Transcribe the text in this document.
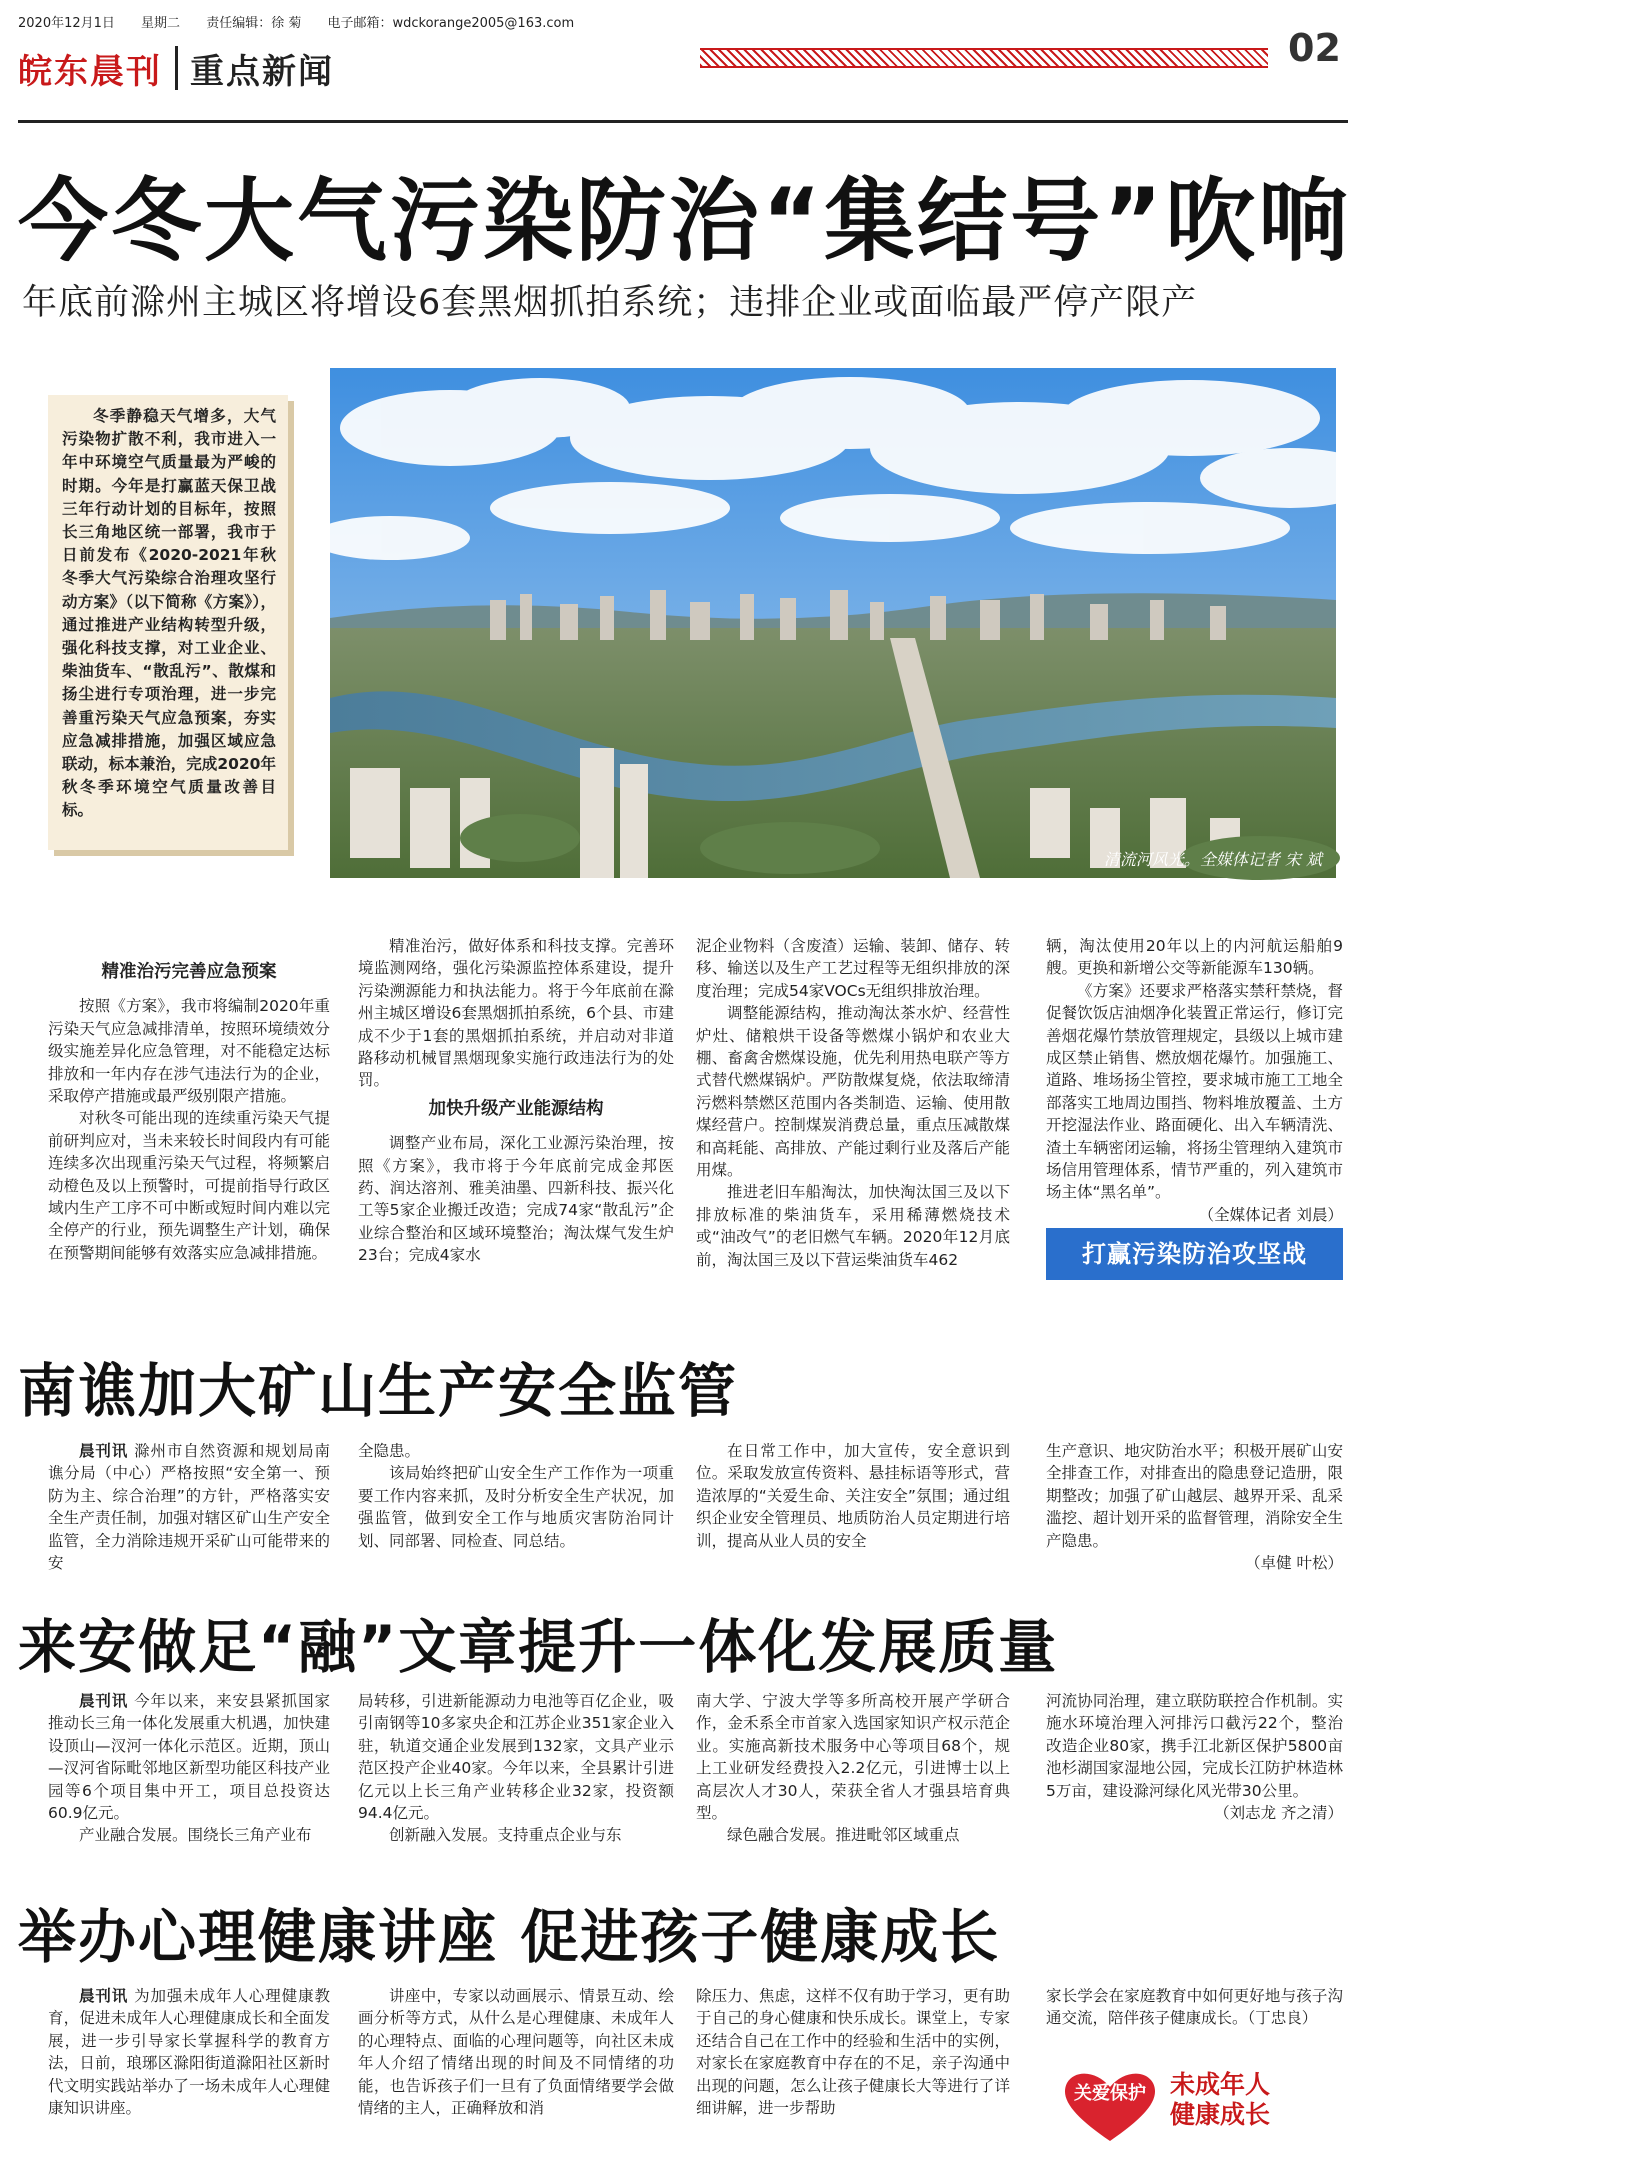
2020年12月1日 星期二 责任编辑：徐 菊 电子邮箱：wdckorange2005@163.com
皖东晨刊 重点新闻
02
今冬大气污染防治“集结号”吹响
年底前滁州主城区将增设6套黑烟抓拍系统；违排企业或面临最严停产限产
冬季静稳天气增多，大气污染物扩散不利，我市进入一年中环境空气质量最为严峻的时期。今年是打赢蓝天保卫战三年行动计划的目标年，按照长三角地区统一部署，我市于日前发布《2020-2021年秋冬季大气污染综合治理攻坚行动方案》（以下简称《方案》），通过推进产业结构转型升级，强化科技支撑，对工业企业、柴油货车、“散乱污”、散煤和扬尘进行专项治理，进一步完善重污染天气应急预案，夯实应急减排措施，加强区域应急联动，标本兼治，完成2020年秋冬季环境空气质量改善目标。
清流河风光。全媒体记者 宋 斌

精准治污完善应急预案

按照《方案》，我市将编制2020年重污染天气应急减排清单，按照环境绩效分级实施差异化应急管理，对不能稳定达标排放和一年内存在涉气违法行为的企业，采取停产措施或最严级别限产措施。

对秋冬可能出现的连续重污染天气提前研判应对，当未来较长时间段内有可能连续多次出现重污染天气过程，将频繁启动橙色及以上预警时，可提前指导行政区域内生产工序不可中断或短时间内难以完全停产的行业，预先调整生产计划，确保在预警期间能够有效落实应急减排措施。

精准治污，做好体系和科技支撑。完善环境监测网络，强化污染源监控体系建设，提升污染溯源能力和执法能力。将于今年底前在滁州主城区增设6套黑烟抓拍系统，6个县、市建成不少于1套的黑烟抓拍系统，并启动对非道路移动机械冒黑烟现象实施行政违法行为的处罚。

加快升级产业能源结构

调整产业布局，深化工业源污染治理，按照《方案》，我市将于今年底前完成金邦医药、润达溶剂、雅美油墨、四新科技、振兴化工等5家企业搬迁改造；完成74家“散乱污”企业综合整治和区域环境整治；淘汰煤气发生炉23台；完成4家水

泥企业物料（含废渣）运输、装卸、储存、转移、输送以及生产工艺过程等无组织排放的深度治理；完成54家VOCs无组织排放治理。

调整能源结构，推动淘汰茶水炉、经营性炉灶、储粮烘干设备等燃煤小锅炉和农业大棚、畜禽舍燃煤设施，优先利用热电联产等方式替代燃煤锅炉。严防散煤复烧，依法取缔清污燃料禁燃区范围内各类制造、运输、使用散煤经营户。控制煤炭消费总量，重点压减散煤和高耗能、高排放、产能过剩行业及落后产能用煤。

推进老旧车船淘汰，加快淘汰国三及以下排放标准的柴油货车，采用稀薄燃烧技术或“油改气”的老旧燃气车辆。2020年12月底前，淘汰国三及以下营运柴油货车462

辆，淘汰使用20年以上的内河航运船舶9艘。更换和新增公交等新能源车130辆。

《方案》还要求严格落实禁秆禁烧，督促餐饮饭店油烟净化装置正常运行，修订完善烟花爆竹禁放管理规定，县级以上城市建成区禁止销售、燃放烟花爆竹。加强施工、道路、堆场扬尘管控，要求城市施工工地全部落实工地周边围挡、物料堆放覆盖、土方开挖湿法作业、路面硬化、出入车辆清洗、渣土车辆密闭运输，将扬尘管理纳入建筑市场信用管理体系，情节严重的，列入建筑市场主体“黑名单”。

（全媒体记者 刘晨）

打赢污染防治攻坚战
南谯加大矿山生产安全监管

晨刊讯 滁州市自然资源和规划局南谯分局（中心）严格按照“安全第一、预防为主、综合治理”的方针，严格落实安全生产责任制，加强对辖区矿山生产安全监管，全力消除违规开采矿山可能带来的安

全隐患。

该局始终把矿山安全生产工作作为一项重要工作内容来抓，及时分析安全生产状况，加强监管，做到安全工作与地质灾害防治同计划、同部署、同检查、同总结。

在日常工作中，加大宣传，安全意识到位。采取发放宣传资料、悬挂标语等形式，营造浓厚的“关爱生命、关注安全”氛围；通过组织企业安全管理员、地质防治人员定期进行培训，提高从业人员的安全

生产意识、地灾防治水平；积极开展矿山安全排查工作，对排查出的隐患登记造册，限期整改；加强了矿山越层、越界开采、乱采滥挖、超计划开采的监督管理，消除安全生产隐患。

（卓健 叶松）

来安做足“融”文章提升一体化发展质量

晨刊讯 今年以来，来安县紧抓国家推动长三角一体化发展重大机遇，加快建设顶山—汊河一体化示范区。近期，顶山—汊河省际毗邻地区新型功能区科技产业园等6个项目集中开工，项目总投资达60.9亿元。

产业融合发展。围绕长三角产业布

局转移，引进新能源动力电池等百亿企业，吸引南钢等10多家央企和江苏企业351家企业入驻，轨道交通企业发展到132家，文具产业示范区投产企业40家。今年以来，全县累计引进亿元以上长三角产业转移企业32家，投资额94.4亿元。

创新融入发展。支持重点企业与东

南大学、宁波大学等多所高校开展产学研合作，金禾系全市首家入选国家知识产权示范企业。实施高新技术服务中心等项目68个，规上工业研发经费投入2.2亿元，引进博士以上高层次人才30人，荣获全省人才强县培育典型。

绿色融合发展。推进毗邻区域重点

河流协同治理，建立联防联控合作机制。实施水环境治理入河排污口截污22个，整治改造企业80家，携手江北新区保护5800亩池杉湖国家湿地公园，完成长江防护林造林5万亩，建设滁河绿化风光带30公里。

（刘志龙 齐之清）

举办心理健康讲座 促进孩子健康成长

晨刊讯 为加强未成年人心理健康教育，促进未成年人心理健康成长和全面发展，进一步引导家长掌握科学的教育方法，日前，琅琊区滁阳街道滁阳社区新时代文明实践站举办了一场未成年人心理健康知识讲座。

讲座中，专家以动画展示、情景互动、绘画分析等方式，从什么是心理健康、未成年人的心理特点、面临的心理问题等，向社区未成年人介绍了情绪出现的时间及不同情绪的功能，也告诉孩子们一旦有了负面情绪要学会做情绪的主人，正确释放和消

除压力、焦虑，这样不仅有助于学习，更有助于自己的身心健康和快乐成长。课堂上，专家还结合自己在工作中的经验和生活中的实例，对家长在家庭教育中存在的不足，亲子沟通中出现的问题，怎么让孩子健康长大等进行了详细讲解，进一步帮助

家长学会在家庭教育中如何更好地与孩子沟通交流，陪伴孩子健康成长。（丁忠良）

关爱保护 未成年人
健康成长
